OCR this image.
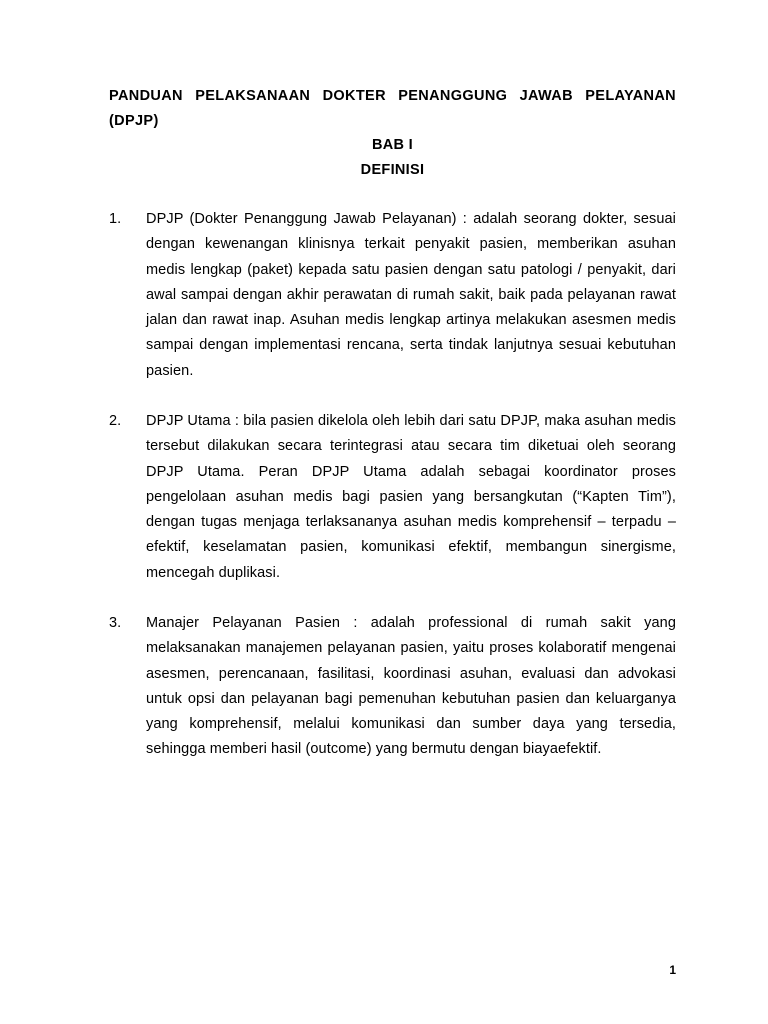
PANDUAN PELAKSANAAN DOKTER PENANGGUNG JAWAB PELAYANAN (DPJP)

BAB I

DEFINISI

1.	DPJP (Dokter Penanggung Jawab Pelayanan) : adalah seorang dokter, sesuai dengan kewenangan klinisnya terkait penyakit pasien, memberikan asuhan medis lengkap (paket) kepada satu pasien dengan satu patologi / penyakit, dari awal sampai dengan akhir perawatan di rumah sakit, baik pada pelayanan rawat jalan dan rawat inap. Asuhan medis lengkap artinya melakukan asesmen medis sampai dengan implementasi rencana, serta tindak lanjutnya sesuai kebutuhan pasien.
2.	DPJP Utama : bila pasien dikelola oleh lebih dari satu DPJP, maka asuhan medis tersebut dilakukan secara terintegrasi atau secara tim diketuai oleh seorang DPJP Utama. Peran DPJP Utama adalah sebagai koordinator proses pengelolaan asuhan medis bagi pasien yang bersangkutan (“Kapten Tim”), dengan tugas menjaga terlaksananya asuhan medis komprehensif – terpadu – efektif, keselamatan pasien, komunikasi efektif, membangun sinergisme, mencegah duplikasi.
3.	Manajer Pelayanan Pasien : adalah professional di rumah sakit yang melaksanakan manajemen pelayanan pasien, yaitu proses kolaboratif mengenai asesmen, perencanaan, fasilitasi, koordinasi asuhan, evaluasi dan advokasi untuk opsi dan pelayanan bagi pemenuhan kebutuhan pasien dan keluarganya yang komprehensif, melalui komunikasi dan sumber daya yang tersedia, sehingga memberi hasil (outcome) yang bermutu dengan biayaefektif.
1
